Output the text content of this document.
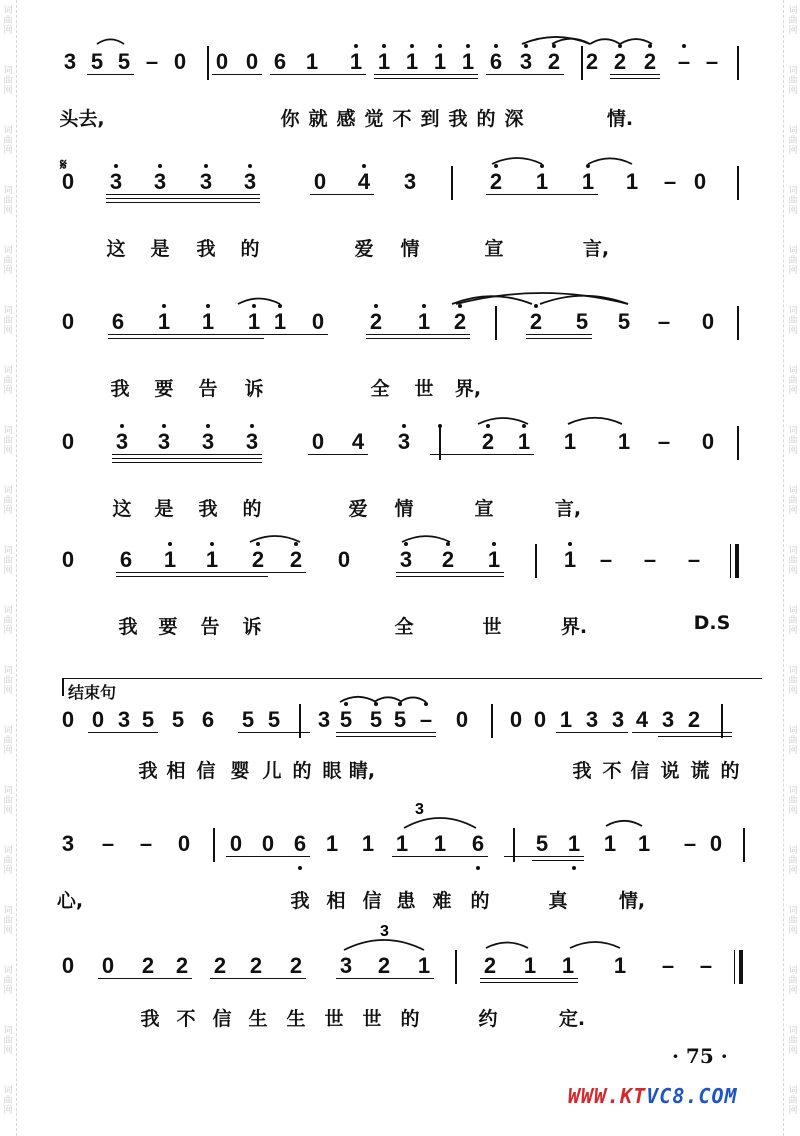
词
曲
网
词
曲
网
词
曲
网
词
曲
网
词
曲
网
词
曲
网
词
曲
网
词
曲
网
词
曲
网
词
曲
网
词
曲
网
词
曲
网
词
曲
网
词
曲
网
词
曲
网
词
曲
网
词
曲
网
词
曲
网
词
曲
网
词
曲
网
词
曲
网
词
曲
网
词
曲
网
词
曲
网
词
曲
网
词
曲
网
词
曲
网
词
曲
网
词
曲
网
词
曲
网
词
曲
网
词
曲
网
词
曲
网
词
曲
网
词
曲
网
词
曲
网
词
曲
网
词
曲
网
3 5 5 – 0 0 0 6 1 1 1 1 1 1 6 3 2 2 2 2 – –
头去,	你 就 感 觉 不 到 我 的 深	情.
0 3 3 3 3	0 4 3	2 1 1 1 – 0
这 是 我 的	爱 情	宣	言,
0 6 1 1 1 1 0 2 1 2	2 5 5 – 0
我 要 告 诉	全 世 界,
0 3 3 3 3 0 4 3	2 1 1 1 – 0
这 是 我 的	爱 情	宣	言,
0 6 1 1 2 2 0 3 2 1	1 – – –
我 要 告 诉	全	世	界.	D.S
0 0 3 5 5 6 5 5 3 5 5 5 – 0 0 0 1 3 3 4 3 2
我 相 信 婴 儿 的 眼 睛,	我 不 信 说 谎 的
3 – – 0 0 0 6 1 1 1 1 6 5 1 1 1 – 0
3
心,	我 相 信 患 难 的	真	情,
0 0 2 2 2 2 2 3 2 1 2 1 1 1 – –
3
我 不 信 生 生 世 世 的	约	定.
𝄋
结束句
· 75 ·
WWW.KTVC8.COM
